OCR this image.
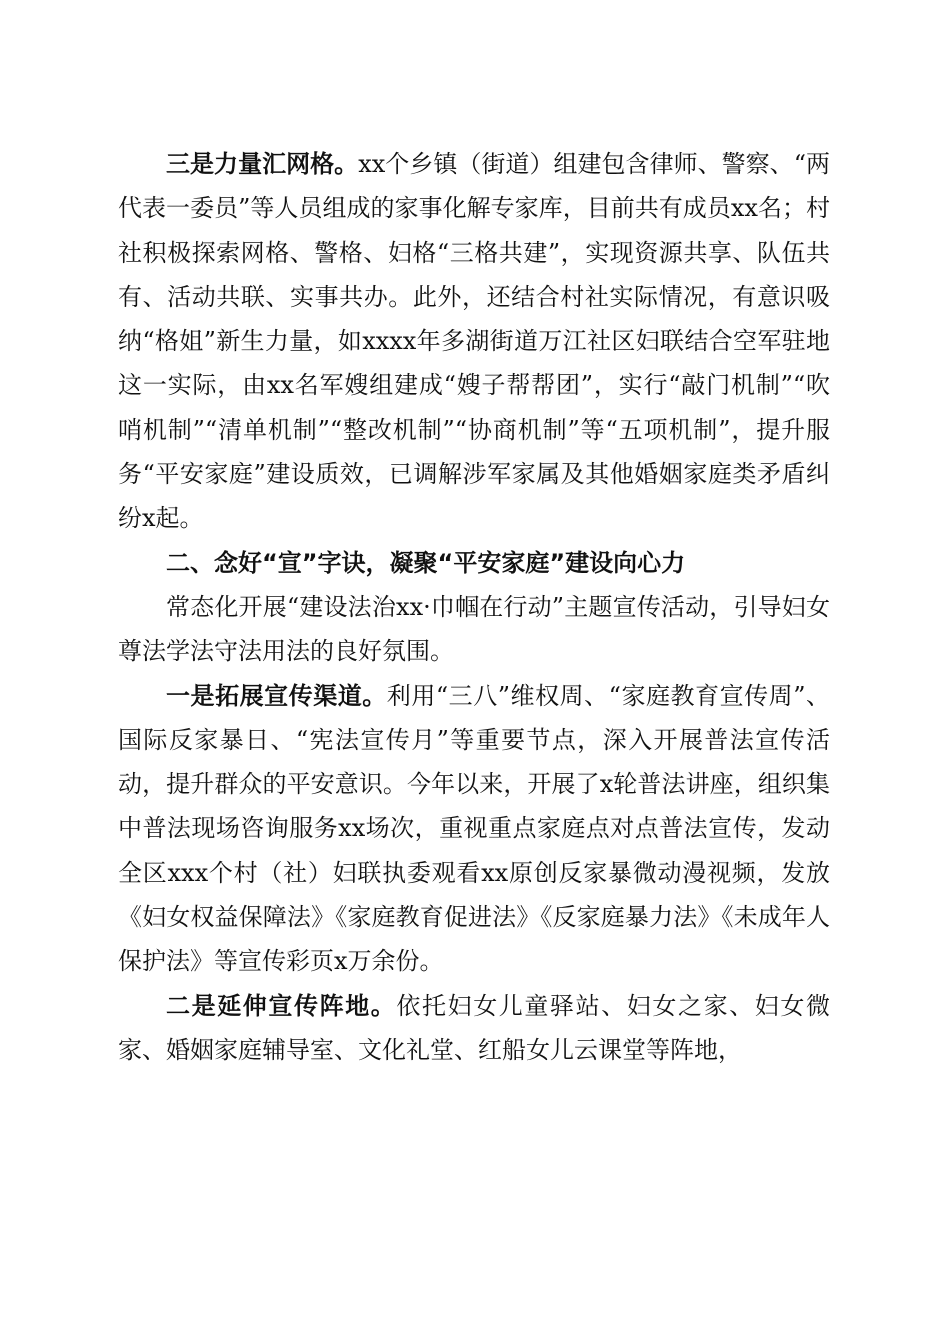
三是力量汇网格。xx个乡镇（街道）组建包含律师、警察、“两代表一委员”等人员组成的家事化解专家库，目前共有成员xx名；村社积极探索网格、警格、妇格“三格共建”，实现资源共享、队伍共有、活动共联、实事共办。此外，还结合村社实际情况，有意识吸纳“格姐”新生力量，如xxxx年多湖街道万江社区妇联结合空军驻地这一实际，由xx名军嫂组建成“嫂子帮帮团”，实行“敲门机制”“吹哨机制”“清单机制”“整改机制”“协商机制”等“五项机制”，提升服务“平安家庭”建设质效，已调解涉军家属及其他婚姻家庭类矛盾纠纷x起。

二、念好“宣”字诀，凝聚“平安家庭”建设向心力

常态化开展“建设法治xx·巾帼在行动”主题宣传活动，引导妇女尊法学法守法用法的良好氛围。

一是拓展宣传渠道。利用“三八”维权周、“家庭教育宣传周”、国际反家暴日、“宪法宣传月”等重要节点，深入开展普法宣传活动，提升群众的平安意识。今年以来，开展了x轮普法讲座，组织集中普法现场咨询服务xx场次，重视重点家庭点对点普法宣传，发动全区xxx个村（社）妇联执委观看xx原创反家暴微动漫视频，发放《妇女权益保障法》《家庭教育促进法》《反家庭暴力法》《未成年人保护法》等宣传彩页x万余份。

二是延伸宣传阵地。依托妇女儿童驿站、妇女之家、妇女微家、婚姻家庭辅导室、文化礼堂、红船女儿云课堂等阵地，
